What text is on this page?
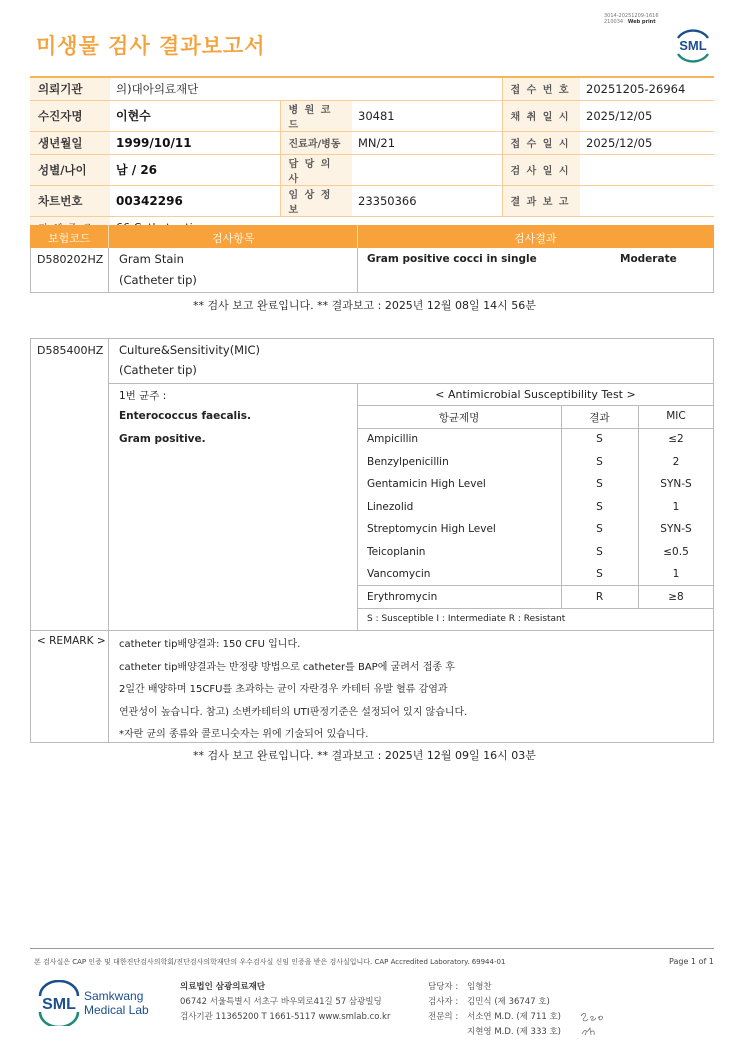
미생물 검사 결과보고서
3014-20251209-1616
210034 Web print
SML
의뢰기관	의)대아의료재단			접 수 번 호	20251205-26964
수진자명	이현수	병 원 코 드	30481	채 취 일 시	2025/12/05
생년월일	1999/10/11	진료과/병동	MN/21	접 수 일 시	2025/12/05
성별/나이	남 / 26	담 당 의 사		검 사 일 시	
차트번호	00342296	임 상 정 보	23350366	결 과 보 고	

보험코드	검사항목	검사결과
D580202HZ Gram Stain
(Catheter tip)
Gram positive cocci in single	Moderate
** 검사 보고 완료입니다. ** 결과보고 : 2025년 12월 08일 14시 56분
D585400HZ Culture&Sensitivity(MIC)
(Catheter tip)
1번 균주 :
Enterococcus faecalis.
Gram positive.
< Antimicrobial Susceptibility Test >
항균제명	결과	MIC
Ampicillin	S	≤2
Benzylpenicillin	S	2
Gentamicin High Level	S	SYN-S
Linezolid	S	1
Streptomycin High Level	S	SYN-S
Teicoplanin	S	≤0.5
Vancomycin	S	1
Erythromycin	R	≥8
S : Susceptible I : Intermediate R : Resistant
< REMARK > catheter tip배양결과: 150 CFU 입니다.
catheter tip배양결과는 반정량 방법으로 catheter를 BAP에 굴려서 접종 후
2일간 배양하며 15CFU를 초과하는 균이 자란경우 카테터 유발 혈류 감염과
연관성이 높습니다. 참고) 소변카테터의 UTI판정기준은 설정되어 있지 않습니다.
*자란 균의 종류와 콜로니숫자는 위에 기술되어 있습니다.
** 검사 보고 완료입니다. ** 결과보고 : 2025년 12월 09일 16시 03분
본 검사실은 CAP 인증 및 대한진단검사의학회/진단검사의학재단의 우수검사실 신임 인증을 받은 검사실입니다. CAP Accredited Laboratory. 69944-01	Page 1 of 1
SML Samkwang
Medical Lab
의료법인 삼광의료재단
06742 서울특별시 서초구 바우뫼로41길 57 삼광빌딩
검사기관 11365200 T 1661-5117 www.smlab.co.kr
담당자 : 임형찬
검사자 : 김민식 (제 36747 호)
전문의 : 서소연 M.D. (제 711 호)
지현영 M.D. (제 333 호)
